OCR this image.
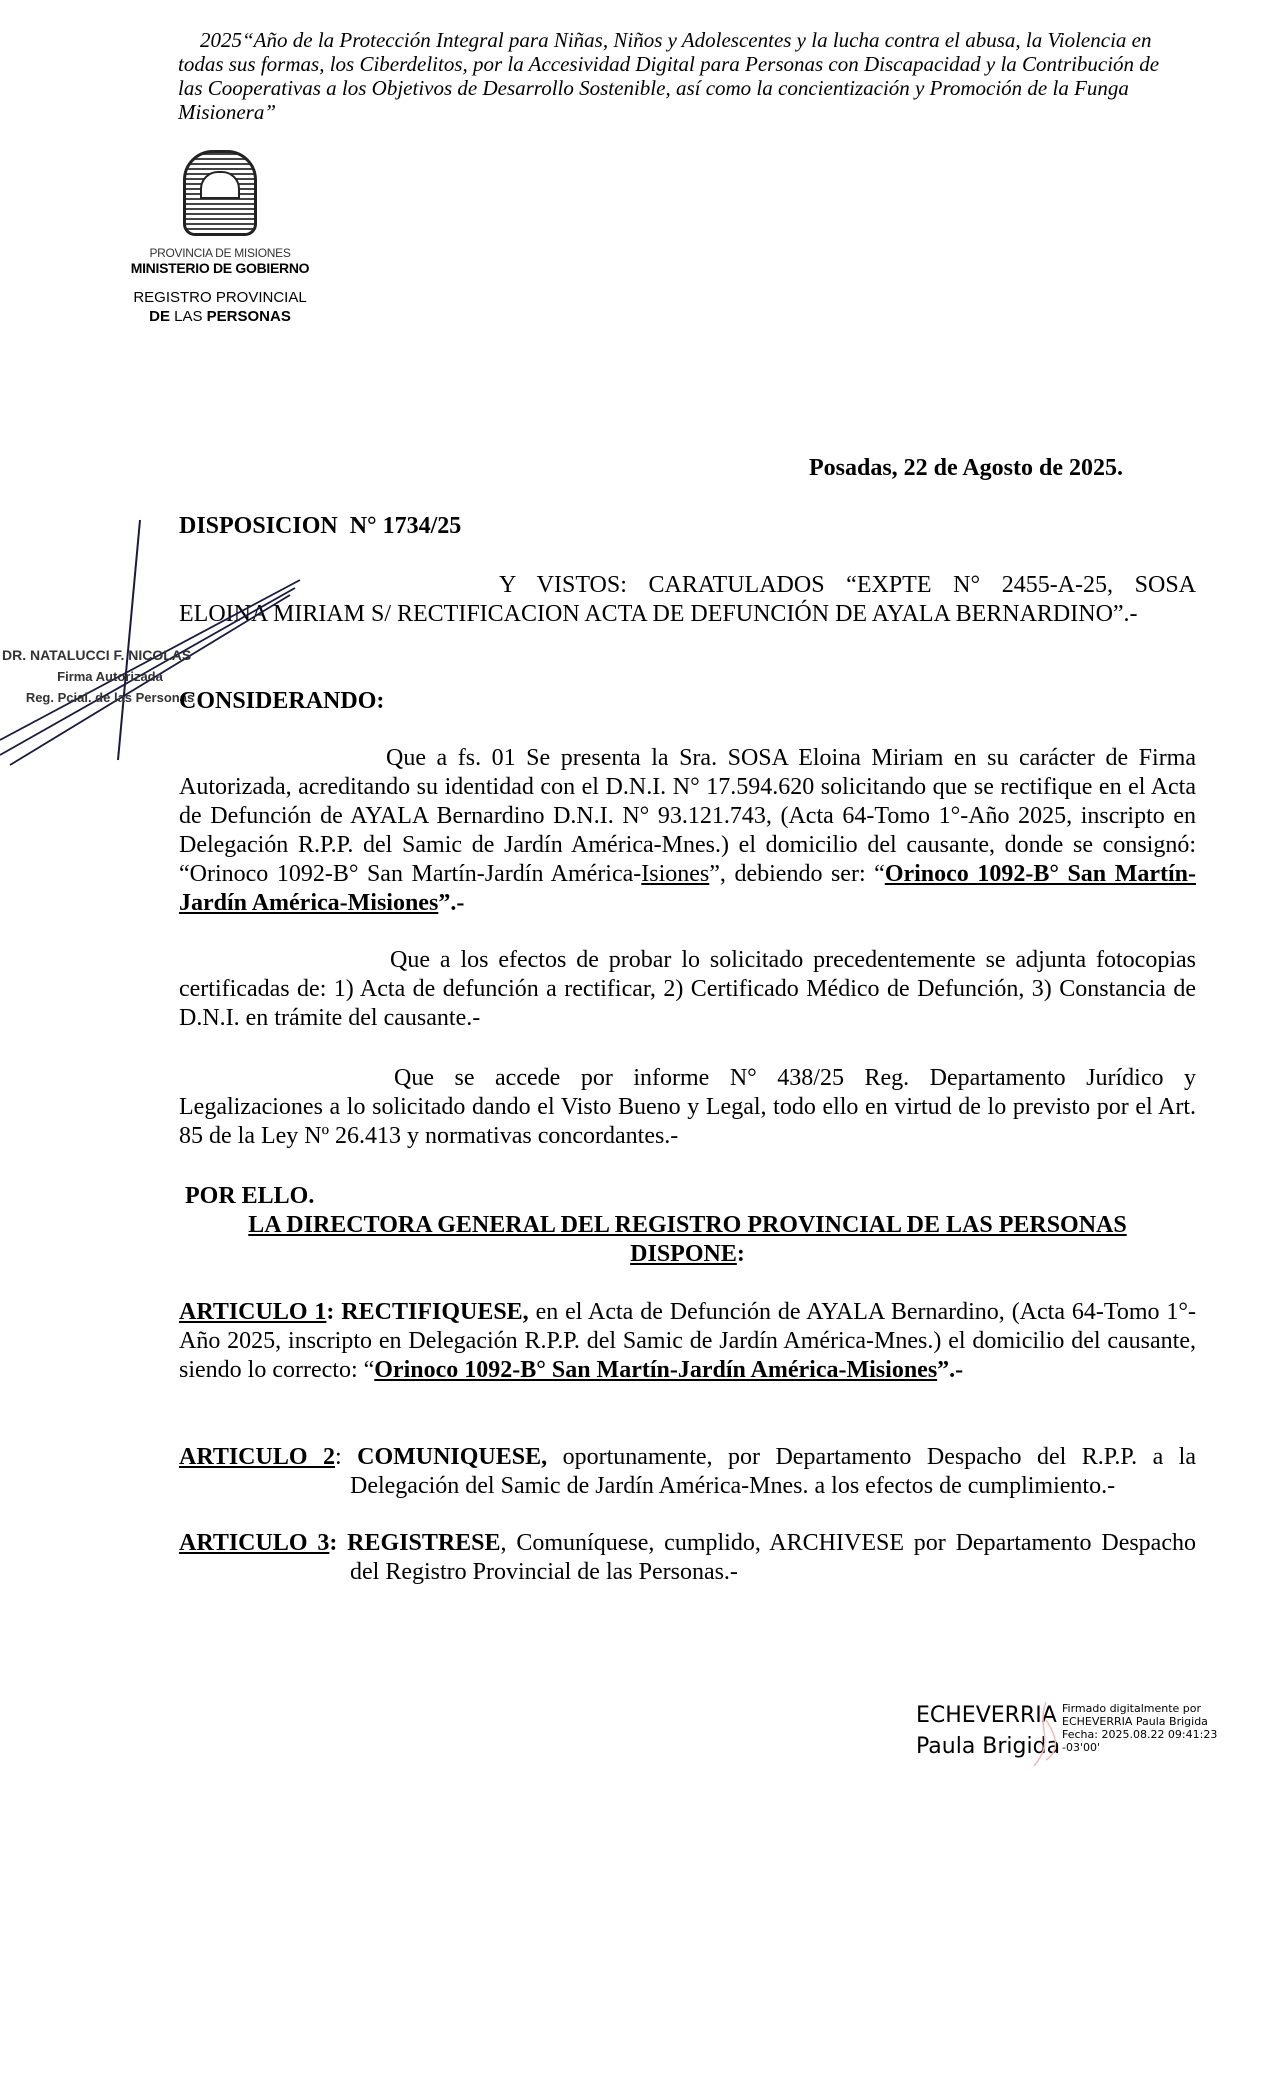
2025“Año de la Protección Integral para Niñas, Niños y Adolescentes y la lucha contra el abusa, la Violencia en todas sus formas, los Ciberdelitos, por la Accesividad Digital para Personas con Discapacidad y la Contribución de las Cooperativas a los Objetivos de Desarrollo Sostenible, así como la concientización y Promoción de la Funga Misionera”
PROVINCIA DE MISIONES
MINISTERIO DE GOBIERNO
REGISTRO PROVINCIAL
DE LAS PERSONAS
Posadas, 22 de Agosto de 2025.
DISPOSICION  N° 1734/25
Y VISTOS: CARATULADOS “EXPTE N° 2455-A-25, SOSA ELOINA MIRIAM S/ RECTIFICACION ACTA DE DEFUNCIÓN DE AYALA BERNARDINO”.-
DR. NATALUCCI F. NICOLAS
Firma Autorizada
Reg. Pcial. de las Personas
CONSIDERANDO:
Que a fs. 01 Se presenta la Sra. SOSA Eloina Miriam en su carácter de Firma Autorizada, acreditando su identidad con el D.N.I. N° 17.594.620 solicitando que se rectifique en el Acta de Defunción de AYALA Bernardino D.N.I. N° 93.121.743, (Acta 64-Tomo 1°-Año 2025, inscripto en Delegación R.P.P. del Samic de Jardín América-Mnes.) el domicilio del causante, donde se consignó: “Orinoco 1092-B° San Martín-Jardín América-Isiones”, debiendo ser: “Orinoco 1092-B° San Martín-Jardín América-Misiones”.-
Que a los efectos de probar lo solicitado precedentemente se adjunta fotocopias certificadas de: 1) Acta de defunción a rectificar, 2) Certificado Médico de Defunción, 3) Constancia de D.N.I. en trámite del causante.-
Que se accede por informe N° 438/25 Reg. Departamento Jurídico y Legalizaciones a lo solicitado dando el Visto Bueno y Legal, todo ello en virtud de lo previsto por el Art. 85 de la Ley Nº 26.413 y normativas concordantes.-
POR ELLO.
LA DIRECTORA GENERAL DEL REGISTRO PROVINCIAL DE LAS PERSONAS
DISPONE:
ARTICULO 1: RECTIFIQUESE, en el Acta de Defunción de AYALA Bernardino, (Acta 64-Tomo 1°-Año 2025, inscripto en Delegación R.P.P. del Samic de Jardín América-Mnes.) el domicilio del causante, siendo lo correcto: “Orinoco 1092-B° San Martín-Jardín América-Misiones”.-
ARTICULO 2: COMUNIQUESE, oportunamente, por Departamento Despacho del R.P.P. a la Delegación del Samic de Jardín América-Mnes. a los efectos de cumplimiento.-
ARTICULO 3: REGISTRESE, Comuníquese, cumplido, ARCHIVESE por Departamento Despacho del Registro Provincial de las Personas.-
ECHEVERRIA
Paula Brigida
Firmado digitalmente por
ECHEVERRIA Paula Brigida
Fecha: 2025.08.22 09:41:23
-03'00'
